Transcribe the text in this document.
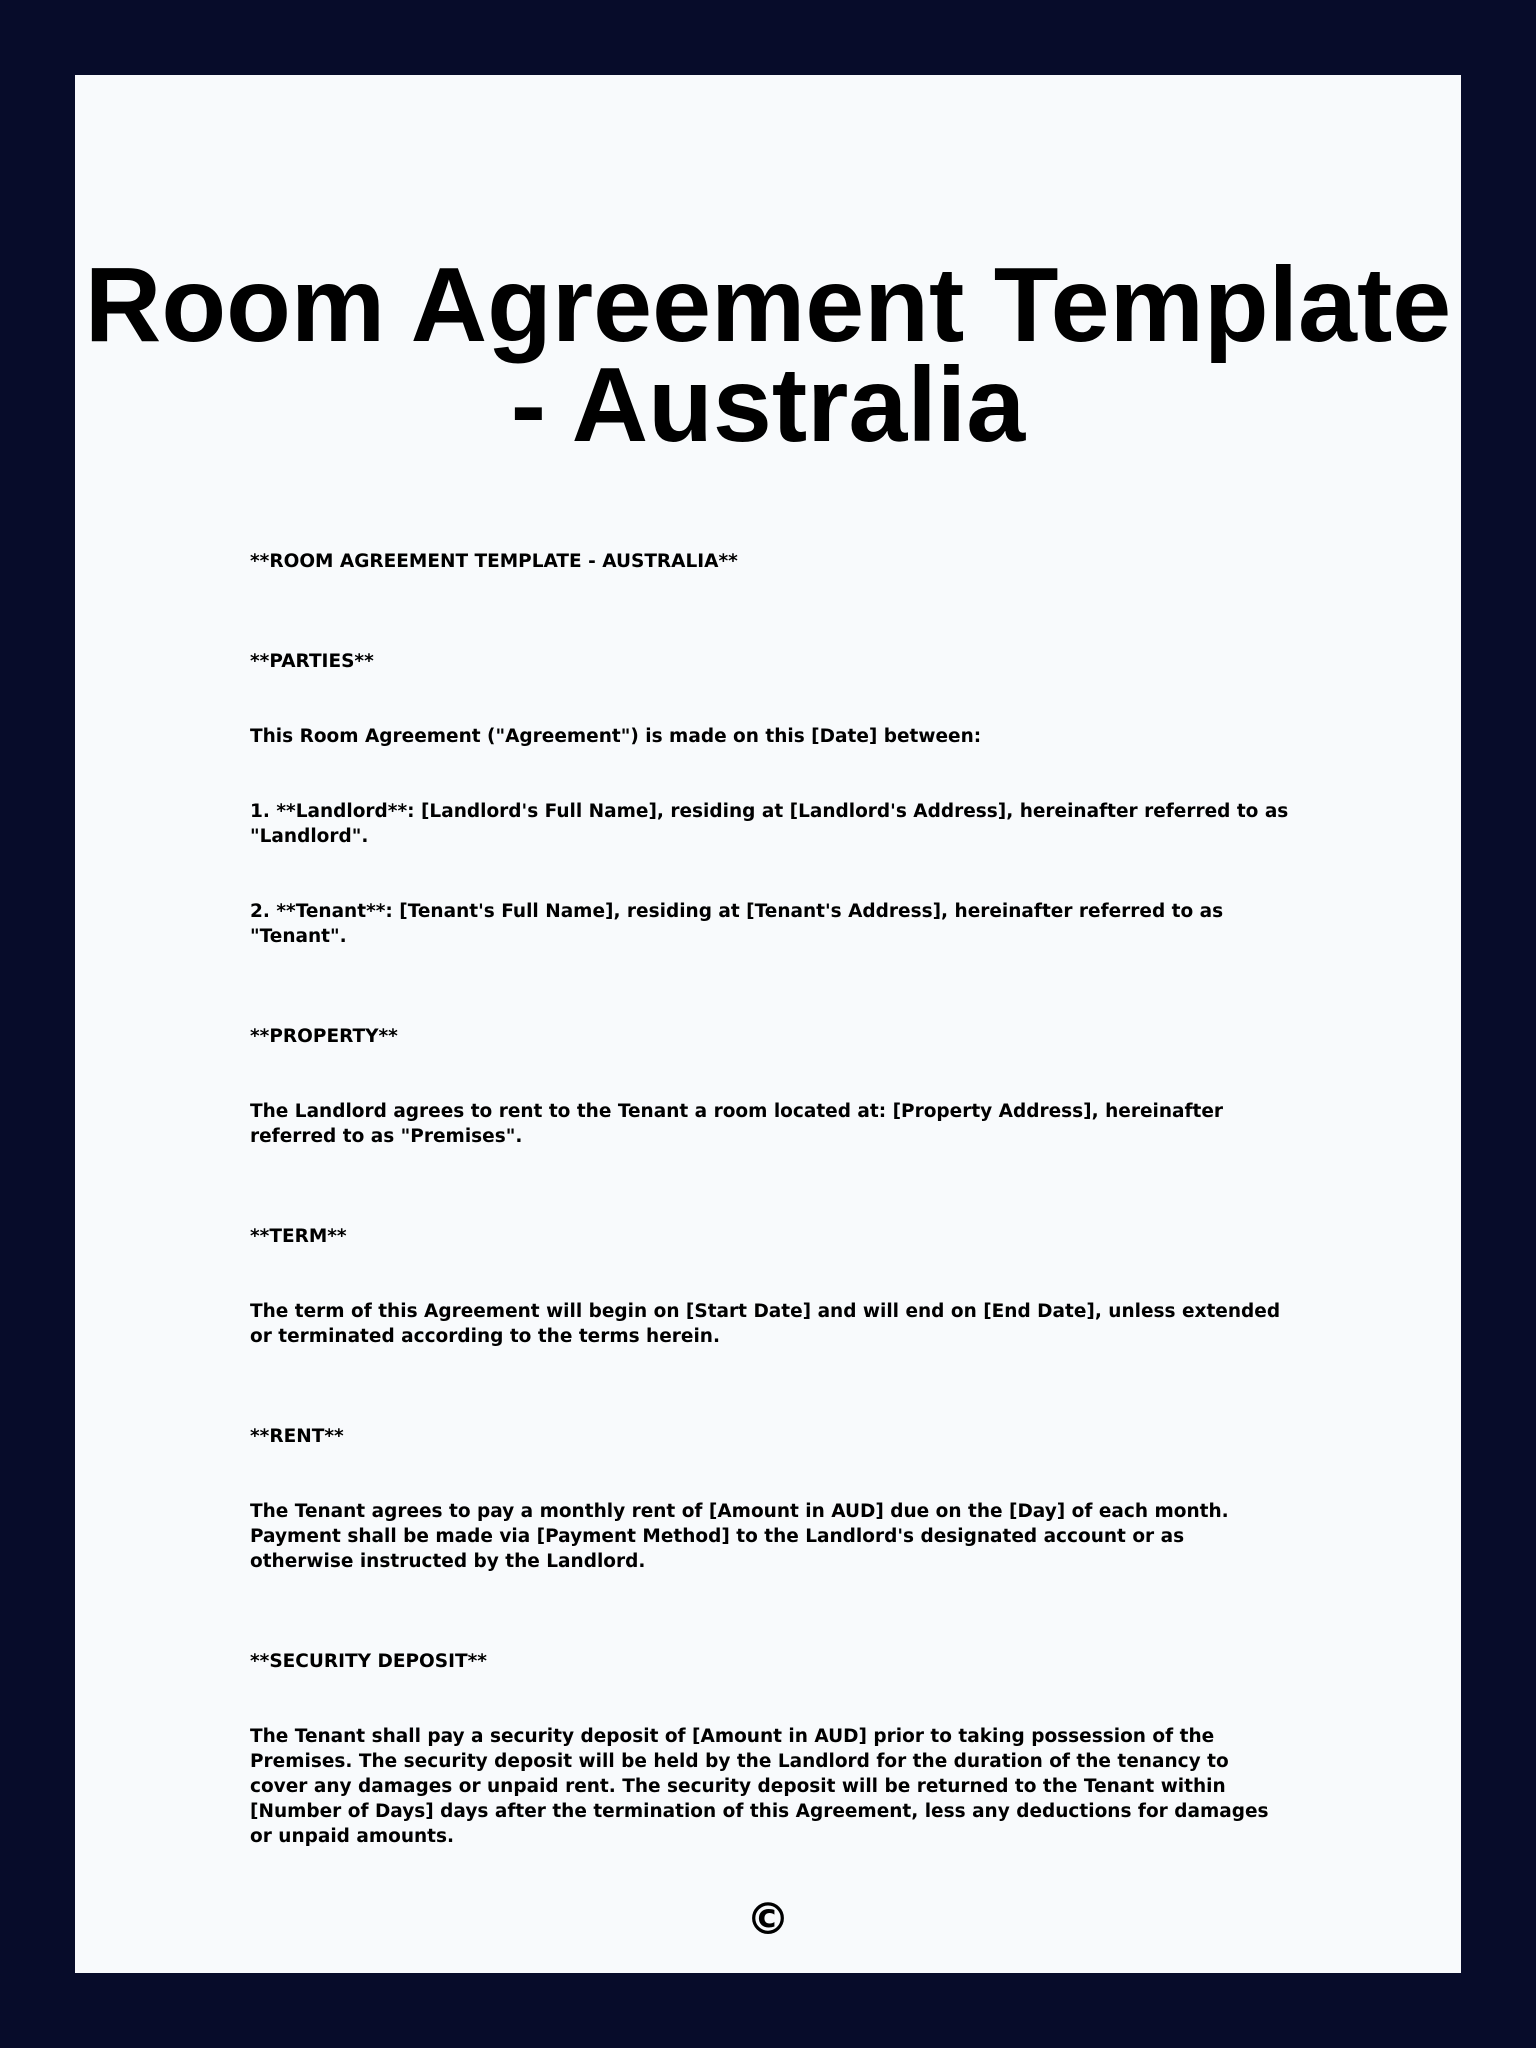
Room Agreement Template - Australia

**ROOM AGREEMENT TEMPLATE - AUSTRALIA**

**PARTIES**

This Room Agreement ("Agreement") is made on this [Date] between:

1. **Landlord**: [Landlord's Full Name], residing at [Landlord's Address], hereinafter referred to as "Landlord".

2. **Tenant**: [Tenant's Full Name], residing at [Tenant's Address], hereinafter referred to as "Tenant".

**PROPERTY**

The Landlord agrees to rent to the Tenant a room located at: [Property Address], hereinafter referred to as "Premises".

**TERM**

The term of this Agreement will begin on [Start Date] and will end on [End Date], unless extended or terminated according to the terms herein.

**RENT**

The Tenant agrees to pay a monthly rent of [Amount in AUD] due on the [Day] of each month. Payment shall be made via [Payment Method] to the Landlord's designated account or as otherwise instructed by the Landlord.

**SECURITY DEPOSIT**

The Tenant shall pay a security deposit of [Amount in AUD] prior to taking possession of the Premises. The security deposit will be held by the Landlord for the duration of the tenancy to cover any damages or unpaid rent. The security deposit will be returned to the Tenant within [Number of Days] days after the termination of this Agreement, less any deductions for damages or unpaid amounts.

©
